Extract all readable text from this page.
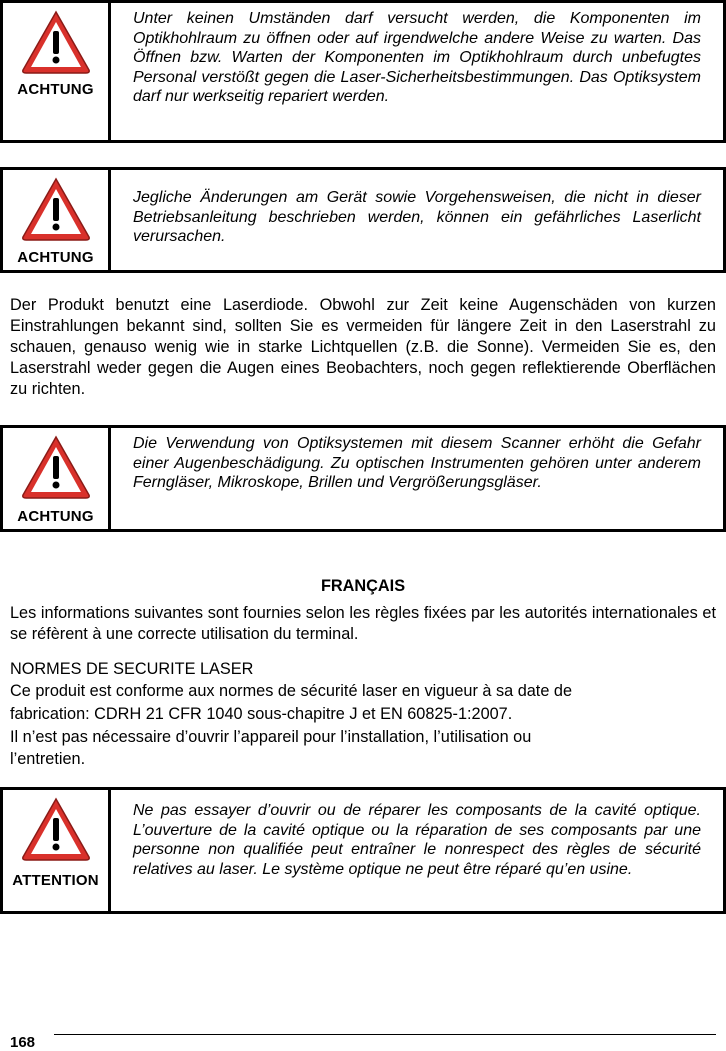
ACHTUNG
Unter keinen Umständen darf versucht werden, die Komponenten im Optikhohlraum zu öffnen oder auf irgendwelche andere Weise zu warten. Das Öffnen bzw. Warten der Komponenten im Optikhohlraum durch unbefugtes Personal verstößt gegen die Laser-Sicherheitsbestimmungen. Das Optiksystem darf nur werkseitig repariert werden.
ACHTUNG
Jegliche Änderungen am Gerät sowie Vorgehensweisen, die nicht in dieser Betriebsanleitung beschrieben werden, können ein gefährliches Laserlicht verursachen.
Der Produkt benutzt eine Laserdiode. Obwohl zur Zeit keine Augenschäden von kurzen Einstrahlungen bekannt sind, sollten Sie es vermeiden für längere Zeit in den Laserstrahl zu schauen, genauso wenig wie in starke Lichtquellen (z.B. die Sonne). Vermeiden Sie es, den Laserstrahl weder gegen die Augen eines Beobachters, noch gegen reflektierende Oberflächen zu richten.
ACHTUNG
Die Verwendung von Optiksystemen mit diesem Scanner erhöht die Gefahr einer Augenbeschädigung. Zu optischen Instrumenten gehören unter anderem Ferngläser, Mikroskope, Brillen und Vergrößerungsgläser.
FRANÇAIS
Les informations suivantes sont fournies selon les règles fixées par les autorités internationales et se réfèrent à une correcte utilisation du terminal.
NORMES DE SECURITE LASER
Ce produit est conforme aux normes de sécurité laser en vigueur à sa date de
fabrication: CDRH 21 CFR 1040 sous-chapitre J et EN 60825-1:2007.
Il n’est pas nécessaire d’ouvrir l’appareil pour l’installation, l’utilisation ou
l’entretien.
ATTENTION
Ne pas essayer d’ouvrir ou de réparer les composants de la cavité optique. L’ouverture de la cavité optique ou la réparation de ses composants par une personne non qualifiée peut entraîner le nonrespect des règles de sécurité relatives au laser. Le système optique ne peut être réparé qu’en usine.
168
